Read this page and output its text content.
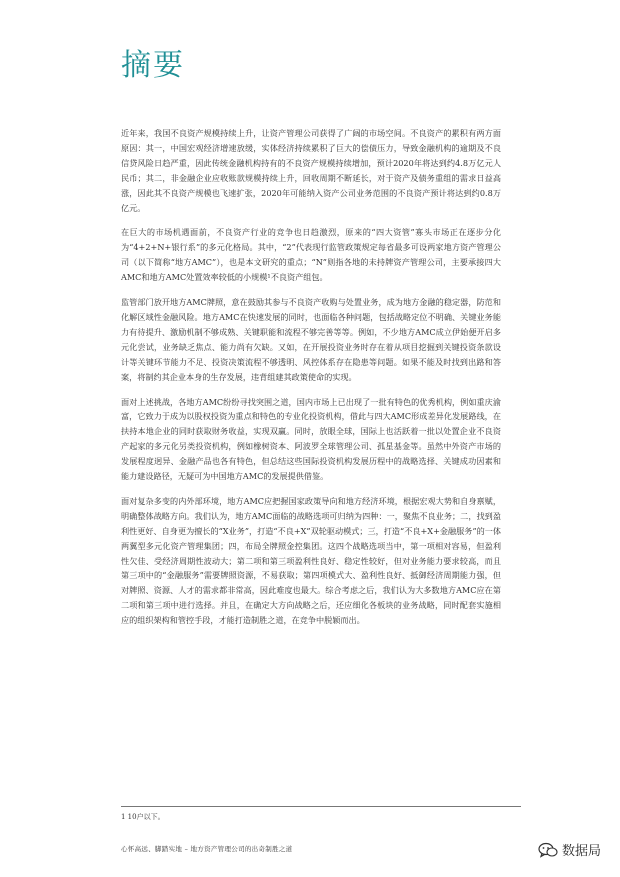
摘要

近年来，我国不良资产规模持续上升，让资产管理公司获得了广阔的市场空间。不良资产的累积有两方面原因：其一，中国宏观经济增速放缓，实体经济持续累积了巨大的偿债压力，导致金融机构的逾期及不良信贷风险日趋严重，因此传统金融机构持有的不良资产规模持续增加，预计2020年将达到约4.8万亿元人民币；其二，非金融企业应收账款规模持续上升，回收周期不断延长，对于资产及债务重组的需求日益高涨，因此其不良资产规模也飞速扩张，2020年可能纳入资产公司业务范围的不良资产预计将达到约0.8万亿元。

在巨大的市场机遇面前，不良资产行业的竞争也日趋激烈，原来的“四大资管”寡头市场正在逐步分化为“4+2+N+银行系”的多元化格局。其中，“2”代表现行监管政策规定每省最多可设两家地方资产管理公司（以下简称“地方AMC”），也是本文研究的重点；“N”则指各地的未持牌资产管理公司，主要承接四大AMC和地方AMC处置效率较低的小规模¹不良资产组包。

监管部门放开地方AMC牌照，意在鼓励其参与不良资产收购与处置业务，成为地方金融的稳定器，防范和化解区域性金融风险。地方AMC在快速发展的同时，也面临各种问题，包括战略定位不明确、关键业务能力有待提升、激励机制不够成熟、关键职能和流程不够完善等等。例如，不少地方AMC成立伊始便开启多元化尝试，业务缺乏焦点、能力尚有欠缺。又如，在开展投资业务时存在着从项目挖掘到关键投资条款设计等关键环节能力不足、投资决策流程不够透明、风控体系存在隐患等问题。如果不能及时找到出路和答案，将制约其企业本身的生存发展，违背组建其政策使命的实现。

面对上述挑战，各地方AMC纷纷寻找突围之道，国内市场上已出现了一批有特色的优秀机构，例如重庆渝富，它致力于成为以股权投资为重点和特色的专业化投资机构，借此与四大AMC形成差异化发展路线，在扶持本地企业的同时获取财务收益，实现双赢。同时，放眼全球，国际上也活跃着一批以处置企业不良资产起家的多元化另类投资机构，例如橡树资本、阿波罗全球管理公司、孤星基金等。虽然中外资产市场的发展程度迥异、金融产品也各有特色，但总结这些国际投资机构发展历程中的战略选择、关键成功因素和能力建设路径，无疑可为中国地方AMC的发展提供借鉴。

面对复杂多变的内外部环境，地方AMC应把握国家政策导向和地方经济环境，根据宏观大势和自身禀赋，明确整体战略方向。我们认为，地方AMC面临的战略选项可归纳为四种：一，聚焦不良业务；二，找到盈利性更好、自身更为擅长的“X业务”，打造“不良+X”双轮驱动模式；三，打造“不良+X+金融服务”的一体两翼型多元化资产管理集团；四，布局全牌照金控集团。这四个战略选项当中，第一项相对容易，但盈利性欠佳、受经济周期性波动大；第二项和第三项盈利性良好、稳定性较好，但对业务能力要求较高，而且第三项中的“金融服务”需要牌照资源，不易获取；第四项模式大、盈利性良好、抵御经济周期能力强，但对牌照、资源、人才的需求都非常高，因此难度也最大。综合考虑之后，我们认为大多数地方AMC应在第二项和第三项中进行选择。并且，在确定大方向战略之后，还应细化各板块的业务战略，同时配套实施相应的组织架构和管控手段，才能打造制胜之道，在竞争中脱颖而出。

1 10户以下。
心怀高远、脚踏实地 – 地方资产管理公司的出奇制胜之道	数据局
